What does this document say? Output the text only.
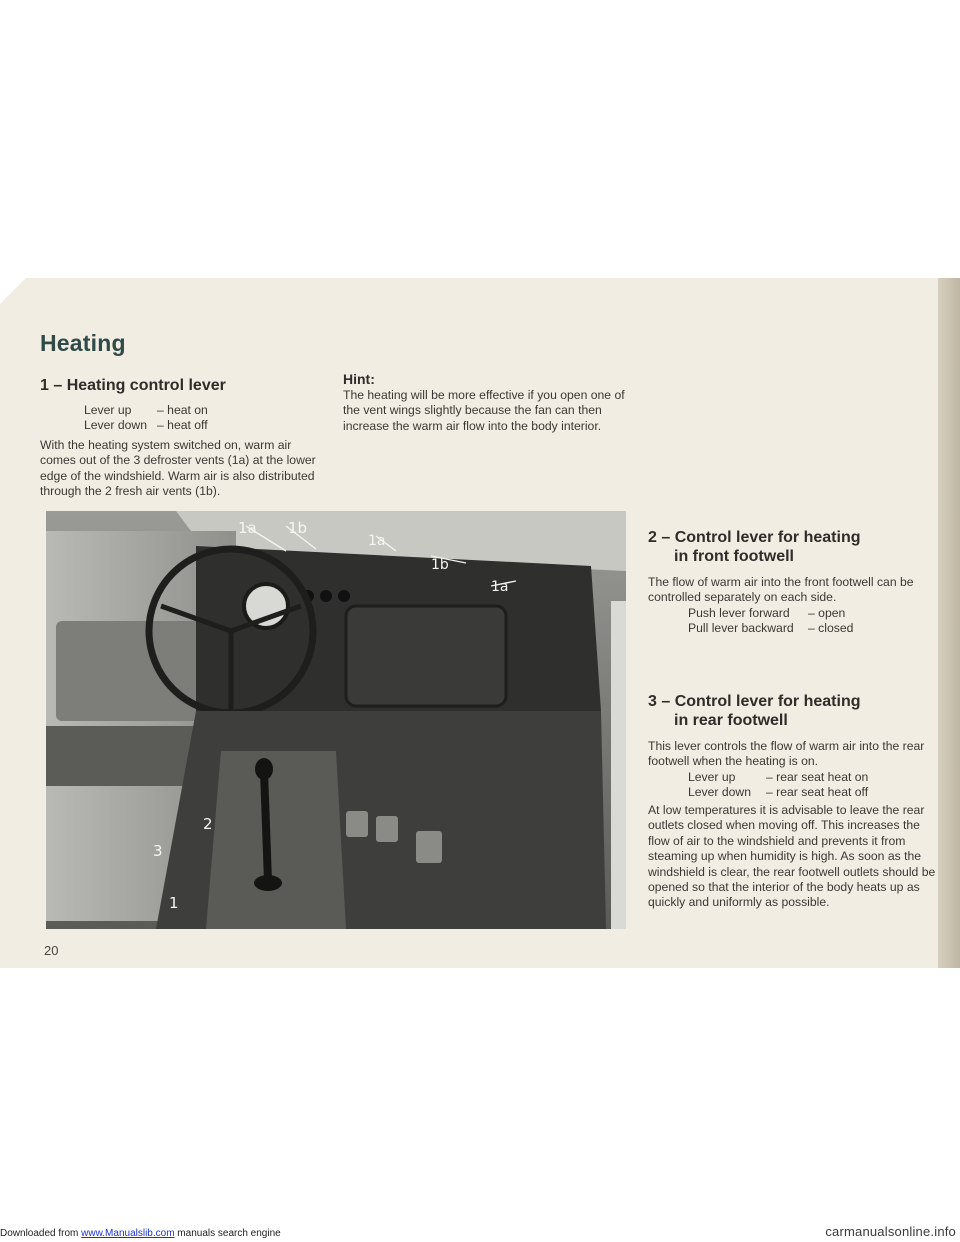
Heating
1 – Heating control lever
Lever up – heat on
Lever down – heat off

With the heating system switched on, warm air comes out of the 3 defroster vents (1a) at the lower edge of the windshield. Warm air is also distributed through the 2 fresh air vents (1b).

Hint:

The heating will be more effective if you open one of the vent wings slightly because the fan can then increase the warm air flow into the body interior.

1a 1b
1a
1b
1a
2
3
1
2 – Control lever for heating
in front footwell

The flow of warm air into the front footwell can be controlled separately on each side.

Push lever forward – open
Pull lever backward – closed
3 – Control lever for heating
in rear footwell

This lever controls the flow of warm air into the rear footwell when the heating is on.

Lever up	– rear seat heat on
Lever down – rear seat heat off

At low temperatures it is advisable to leave the rear outlets closed when moving off. This increases the flow of air to the windshield and prevents it from steaming up when humidity is high. As soon as the windshield is clear, the rear footwell outlets should be opened so that the interior of the body heats up as quickly and uniformly as possible.

20

Downloaded from www.Manualslib.com manuals search engine	carmanualsonline.info
